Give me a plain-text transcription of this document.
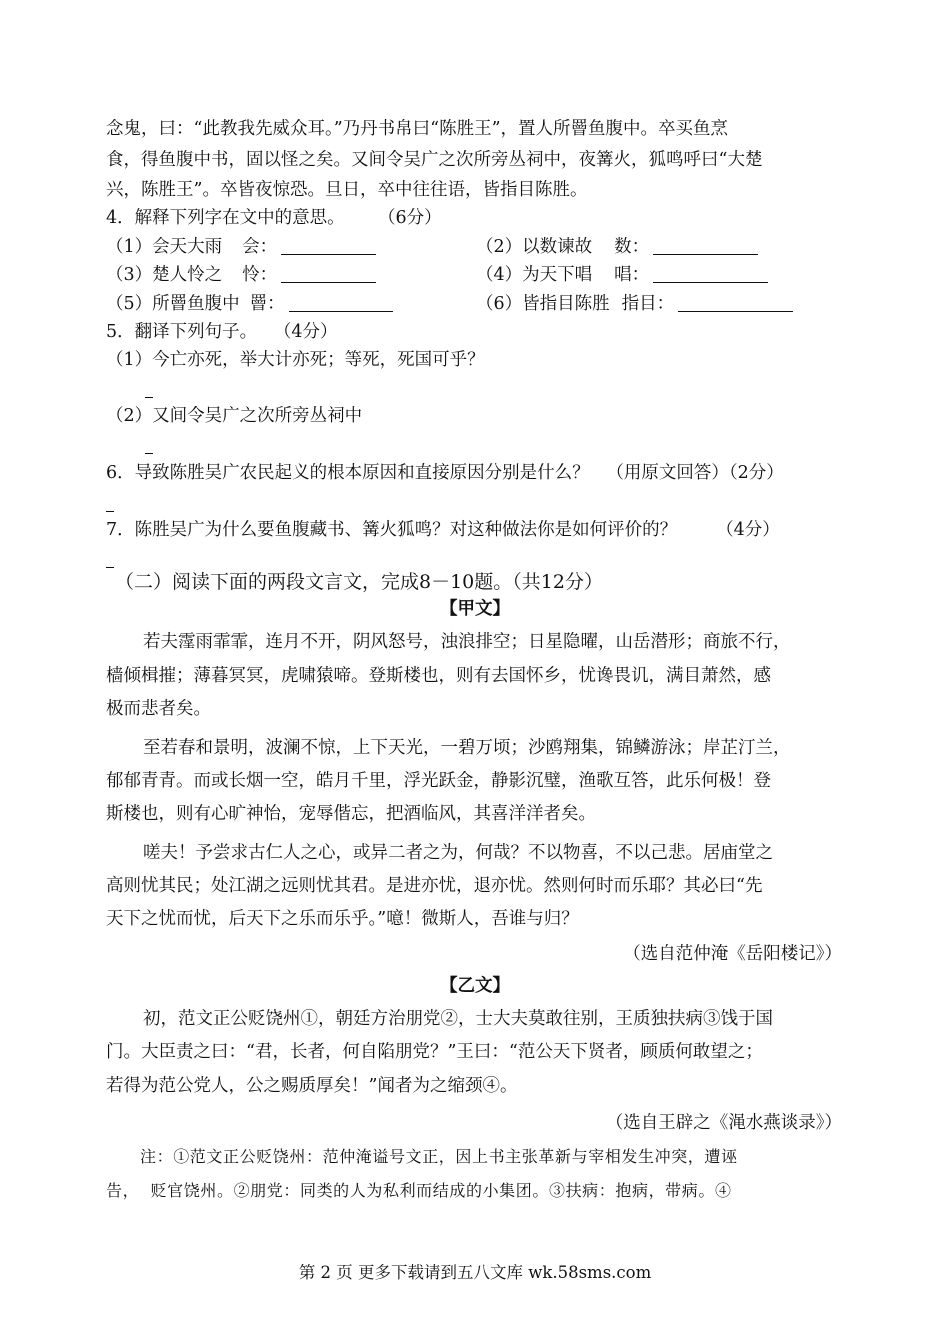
念鬼，曰：“此教我先威众耳。”乃丹书帛曰“陈胜王”，置人所罾鱼腹中。卒买鱼烹
食，得鱼腹中书，固以怪之矣。又间令吴广之次所旁丛祠中，夜篝火，狐鸣呼曰“大楚
兴，陈胜王”。卒皆夜惊恐。旦日，卒中往往语，皆指目陈胜。
4．解释下列字在文中的意思。      （6分）
（1）会天大雨 会：	（2）以数谏故 数：
（3）楚人怜之 怜：	（4）为天下唱 唱：
（5）所罾鱼腹中 罾：	（6）皆指目陈胜 指目：
5．翻译下列句子。   （4分）
（1）今亡亦死，举大计亦死；等死，死国可乎？
（2）又间令吴广之次所旁丛祠中
6．导致陈胜吴广农民起义的根本原因和直接原因分别是什么？   （用原文回答）（2分）
7．陈胜吴广为什么要鱼腹藏书、篝火狐鸣？对这种做法你是如何评价的？       （4分）
（二）阅读下面的两段文言文，完成8－10题。（共12分）
【甲文】
若夫霪雨霏霏，连月不开，阴风怒号，浊浪排空；日星隐曜，山岳潜形；商旅不行，
樯倾楫摧；薄暮冥冥，虎啸猿啼。登斯楼也，则有去国怀乡，忧谗畏讥，满目萧然，感
极而悲者矣。
至若春和景明，波澜不惊，上下天光，一碧万顷；沙鸥翔集，锦鳞游泳；岸芷汀兰，
郁郁青青。而或长烟一空，皓月千里，浮光跃金，静影沉璧，渔歌互答，此乐何极！登
斯楼也，则有心旷神怡，宠辱偕忘，把酒临风，其喜洋洋者矣。
嗟夫！予尝求古仁人之心，或异二者之为，何哉？不以物喜，不以己悲。居庙堂之
高则忧其民；处江湖之远则忧其君。是进亦忧，退亦忧。然则何时而乐耶？其必曰“先
天下之忧而忧，后天下之乐而乐乎。”噫！微斯人，吾谁与归？
（选自范仲淹《岳阳楼记》）
【乙文】
初，范文正公贬饶州①，朝廷方治朋党②，士大夫莫敢往别，王质独扶病③饯于国
门。大臣责之曰：“君，长者，何自陷朋党？”王曰：“范公天下贤者，顾质何敢望之；
若得为范公党人，公之赐质厚矣！”闻者为之缩颈④。
（选自王辟之《渑水燕谈录》）
注：①范文正公贬饶州：范仲淹谥号文正，因上书主张革新与宰相发生冲突，遭诬
告，  贬官饶州。②朋党：同类的人为私利而结成的小集团。③扶病：抱病，带病。④
第 2 页 更多下载请到五八文库 wk.58sms.com
